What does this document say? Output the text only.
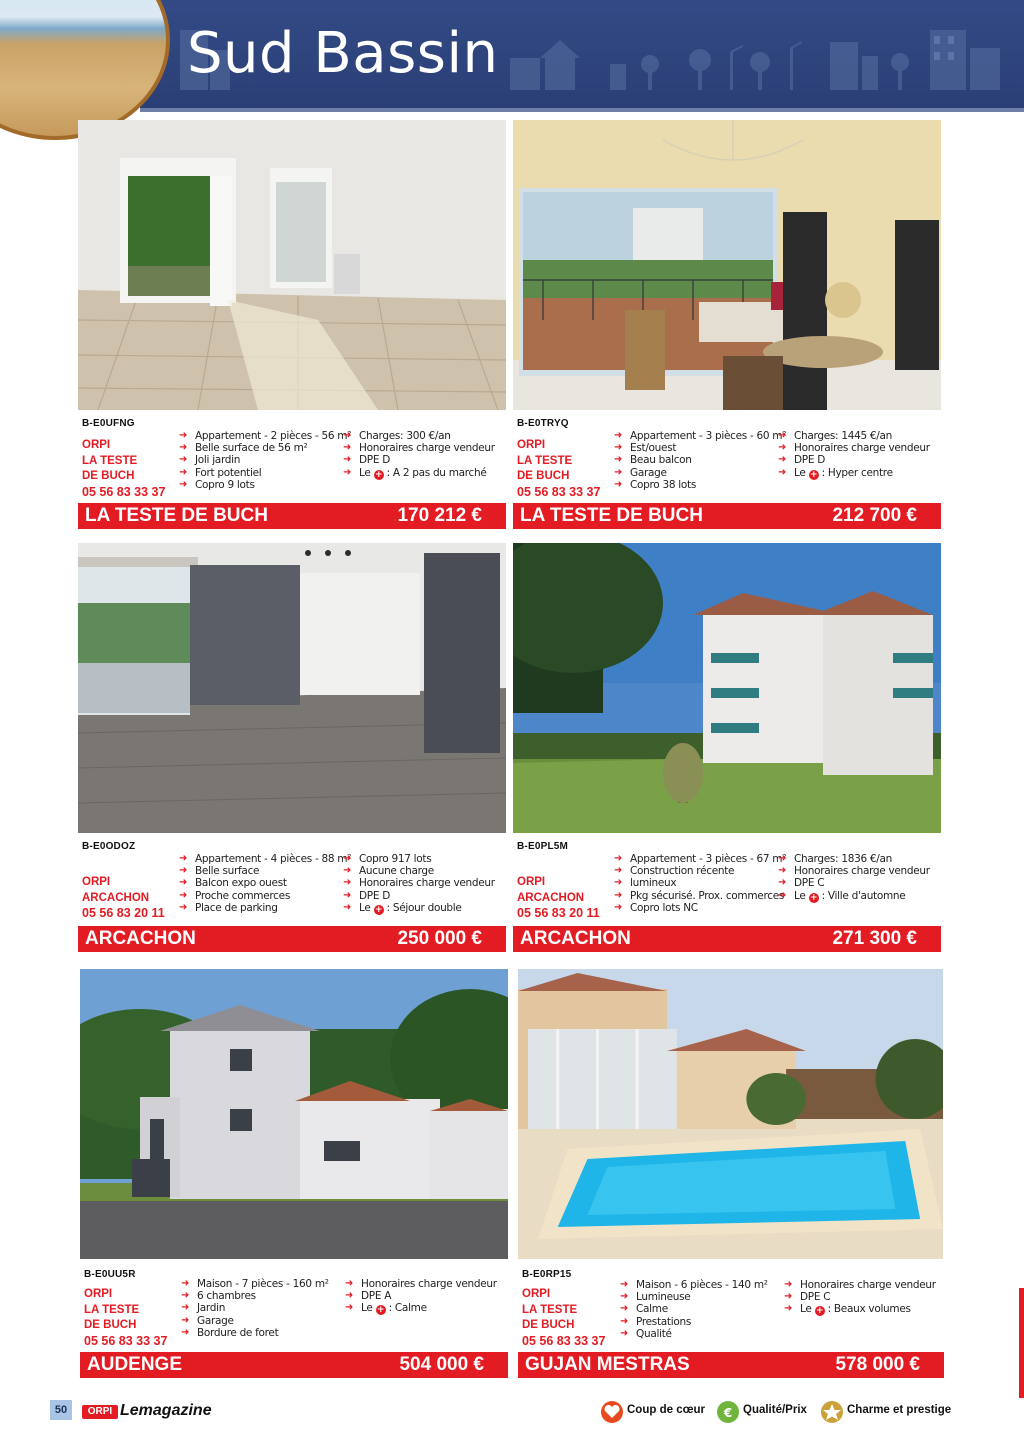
Sud Bassin
B-E0UFNG
ORPI
LA TESTE
DE BUCH
05 56 83 33 37
➜ Appartement - 2 pièces - 56 m²
➜ Belle surface de 56 m²
➜ Joli jardin
➜ Fort potentiel
➜ Copro 9 lots
➜ Charges: 300 €/an
➜ Honoraires charge vendeur
➜ DPE D
➜ Le + : A 2 pas du marché
LA TESTE DE BUCH	170 212 €
B-E0TRYQ
ORPI
LA TESTE
DE BUCH
05 56 83 33 37
➜ Appartement - 3 pièces - 60 m²
➜ Est/ouest
➜ Beau balcon
➜ Garage
➜ Copro 38 lots
➜ Charges: 1445 €/an
➜ Honoraires charge vendeur
➜ DPE D
➜ Le + : Hyper centre
LA TESTE DE BUCH	212 700 €
B-E0ODOZ
ORPI
ARCACHON
05 56 83 20 11
➜ Appartement - 4 pièces - 88 m²
➜ Belle surface
➜ Balcon expo ouest
➜ Proche commerces
➜ Place de parking
➜ Copro 917 lots
➜ Aucune charge
➜ Honoraires charge vendeur
➜ DPE D
➜ Le + : Séjour double
ARCACHON	250 000 €
B-E0PL5M
ORPI
ARCACHON
05 56 83 20 11
➜ Appartement - 3 pièces - 67 m²
➜ Construction récente
➜ lumineux
➜ Pkg sécurisé. Prox. commerces
➜ Copro lots NC
➜ Charges: 1836 €/an
➜ Honoraires charge vendeur
➜ DPE C
➜ Le + : Ville d'automne
ARCACHON	271 300 €
B-E0UU5R
ORPI
LA TESTE
DE BUCH
05 56 83 33 37
➜ Maison - 7 pièces - 160 m²
➜ 6 chambres
➜ Jardin
➜ Garage
➜ Bordure de foret
➜ Honoraires charge vendeur
➜ DPE A
➜ Le + : Calme
AUDENGE	504 000 €
B-E0RP15
ORPI
LA TESTE
DE BUCH
05 56 83 33 37
➜ Maison - 6 pièces - 140 m²
➜ Lumineuse
➜ Calme
➜ Prestations
➜ Qualité
➜ Honoraires charge vendeur
➜ DPE C
➜ Le + : Beaux volumes
GUJAN MESTRAS	578 000 €
50	ORPI Lemagazine	Coup de cœur € Qualité/Prix	Charme et prestige
